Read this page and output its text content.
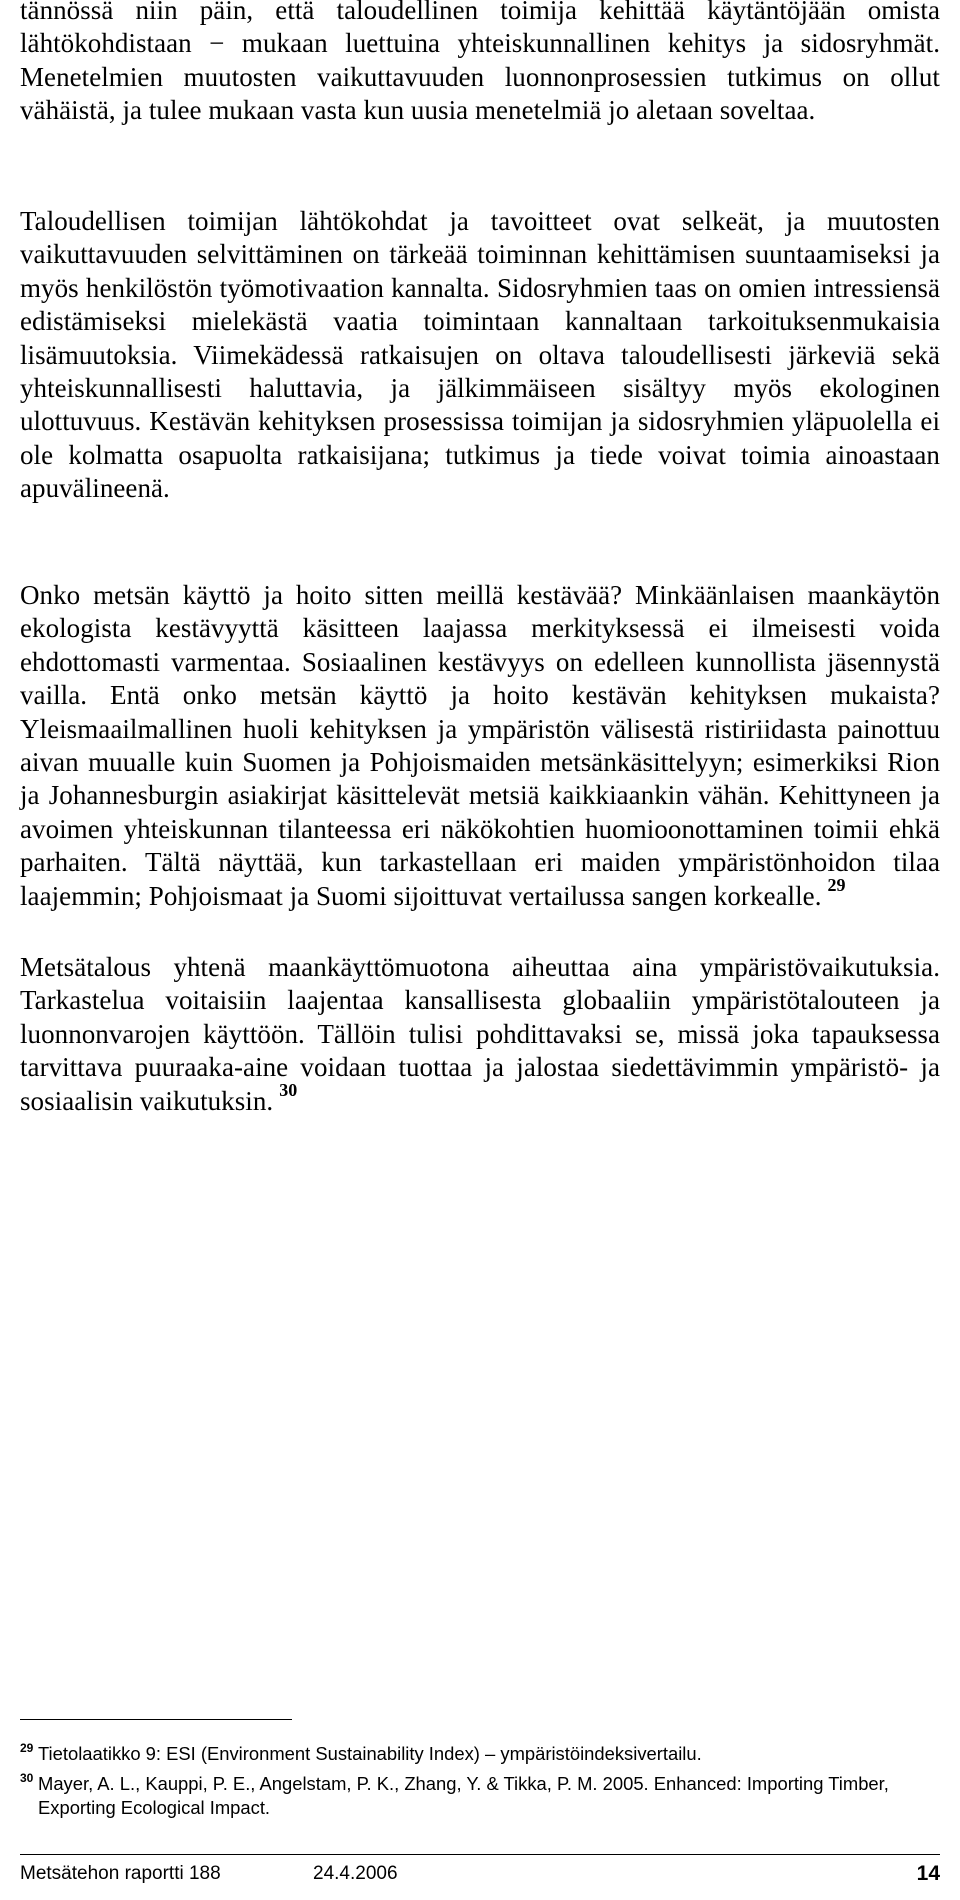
tännössä niin päin, että taloudellinen toimija kehittää käytäntöjään omista lähtökohdistaan − mukaan luettuina yhteiskunnallinen kehitys ja sidosryhmät. Menetelmien muutosten vaikuttavuuden luonnonprosessien tutkimus on ollut vähäistä, ja tulee mukaan vasta kun uusia menetelmiä jo aletaan soveltaa.

Taloudellisen toimijan lähtökohdat ja tavoitteet ovat selkeät, ja muutosten vaikuttavuuden selvittäminen on tärkeää toiminnan kehittämisen suuntaamiseksi ja myös henkilöstön työmotivaation kannalta. Sidosryhmien taas on omien intressiensä edistämiseksi mielekästä vaatia toimintaan kannaltaan tarkoituksenmukaisia lisämuutoksia. Viimekädessä ratkaisujen on oltava taloudellisesti järkeviä sekä yhteiskunnallisesti haluttavia, ja jälkimmäiseen sisältyy myös ekologinen ulottuvuus. Kestävän kehityksen prosessissa toimijan ja sidosryhmien yläpuolella ei ole kolmatta osapuolta ratkaisijana; tutkimus ja tiede voivat toimia ainoastaan apuvälineenä.

Onko metsän käyttö ja hoito sitten meillä kestävää? Minkäänlaisen maankäytön ekologista kestävyyttä käsitteen laajassa merkityksessä ei ilmeisesti voida ehdottomasti varmentaa. Sosiaalinen kestävyys on edelleen kunnollista jäsennystä vailla. Entä onko metsän käyttö ja hoito kestävän kehityksen mukaista? Yleismaailmallinen huoli kehityksen ja ympäristön välisestä ristiriidasta painottuu aivan muualle kuin Suomen ja Pohjoismaiden metsänkäsittelyyn; esimerkiksi Rion ja Johannesburgin asiakirjat käsittelevät metsiä kaikkiaankin vähän. Kehittyneen ja avoimen yhteiskunnan tilanteessa eri näkökohtien huomioonottaminen toimii ehkä parhaiten. Tältä näyttää, kun tarkastellaan eri maiden ympäristönhoidon tilaa laajemmin; Pohjoismaat ja Suomi sijoittuvat vertailussa sangen korkealle. $^{29}$

Metsätalous yhtenä maankäyttömuotona aiheuttaa aina ympäristövaikutuksia. Tarkastelua voitaisiin laajentaa kansallisesta globaaliin ympäristötalouteen ja luonnonvarojen käyttöön. Tällöin tulisi pohdittavaksi se, missä joka tapauksessa tarvittava puuraaka-aine voidaan tuottaa ja jalostaa siedettävimmin ympäristö- ja sosiaalisin vaikutuksin. $^{30}$

29 Tietolaatikko 9: ESI (Environment Sustainability Index) – ympäristöindeksivertailu.
30 Mayer, A. L., Kauppi, P. E., Angelstam, P. K., Zhang, Y. & Tikka, P. M. 2005. Enhanced: Importing Timber, Exporting Ecological Impact.
Metsätehon raportti 188	24.4.2006	14
